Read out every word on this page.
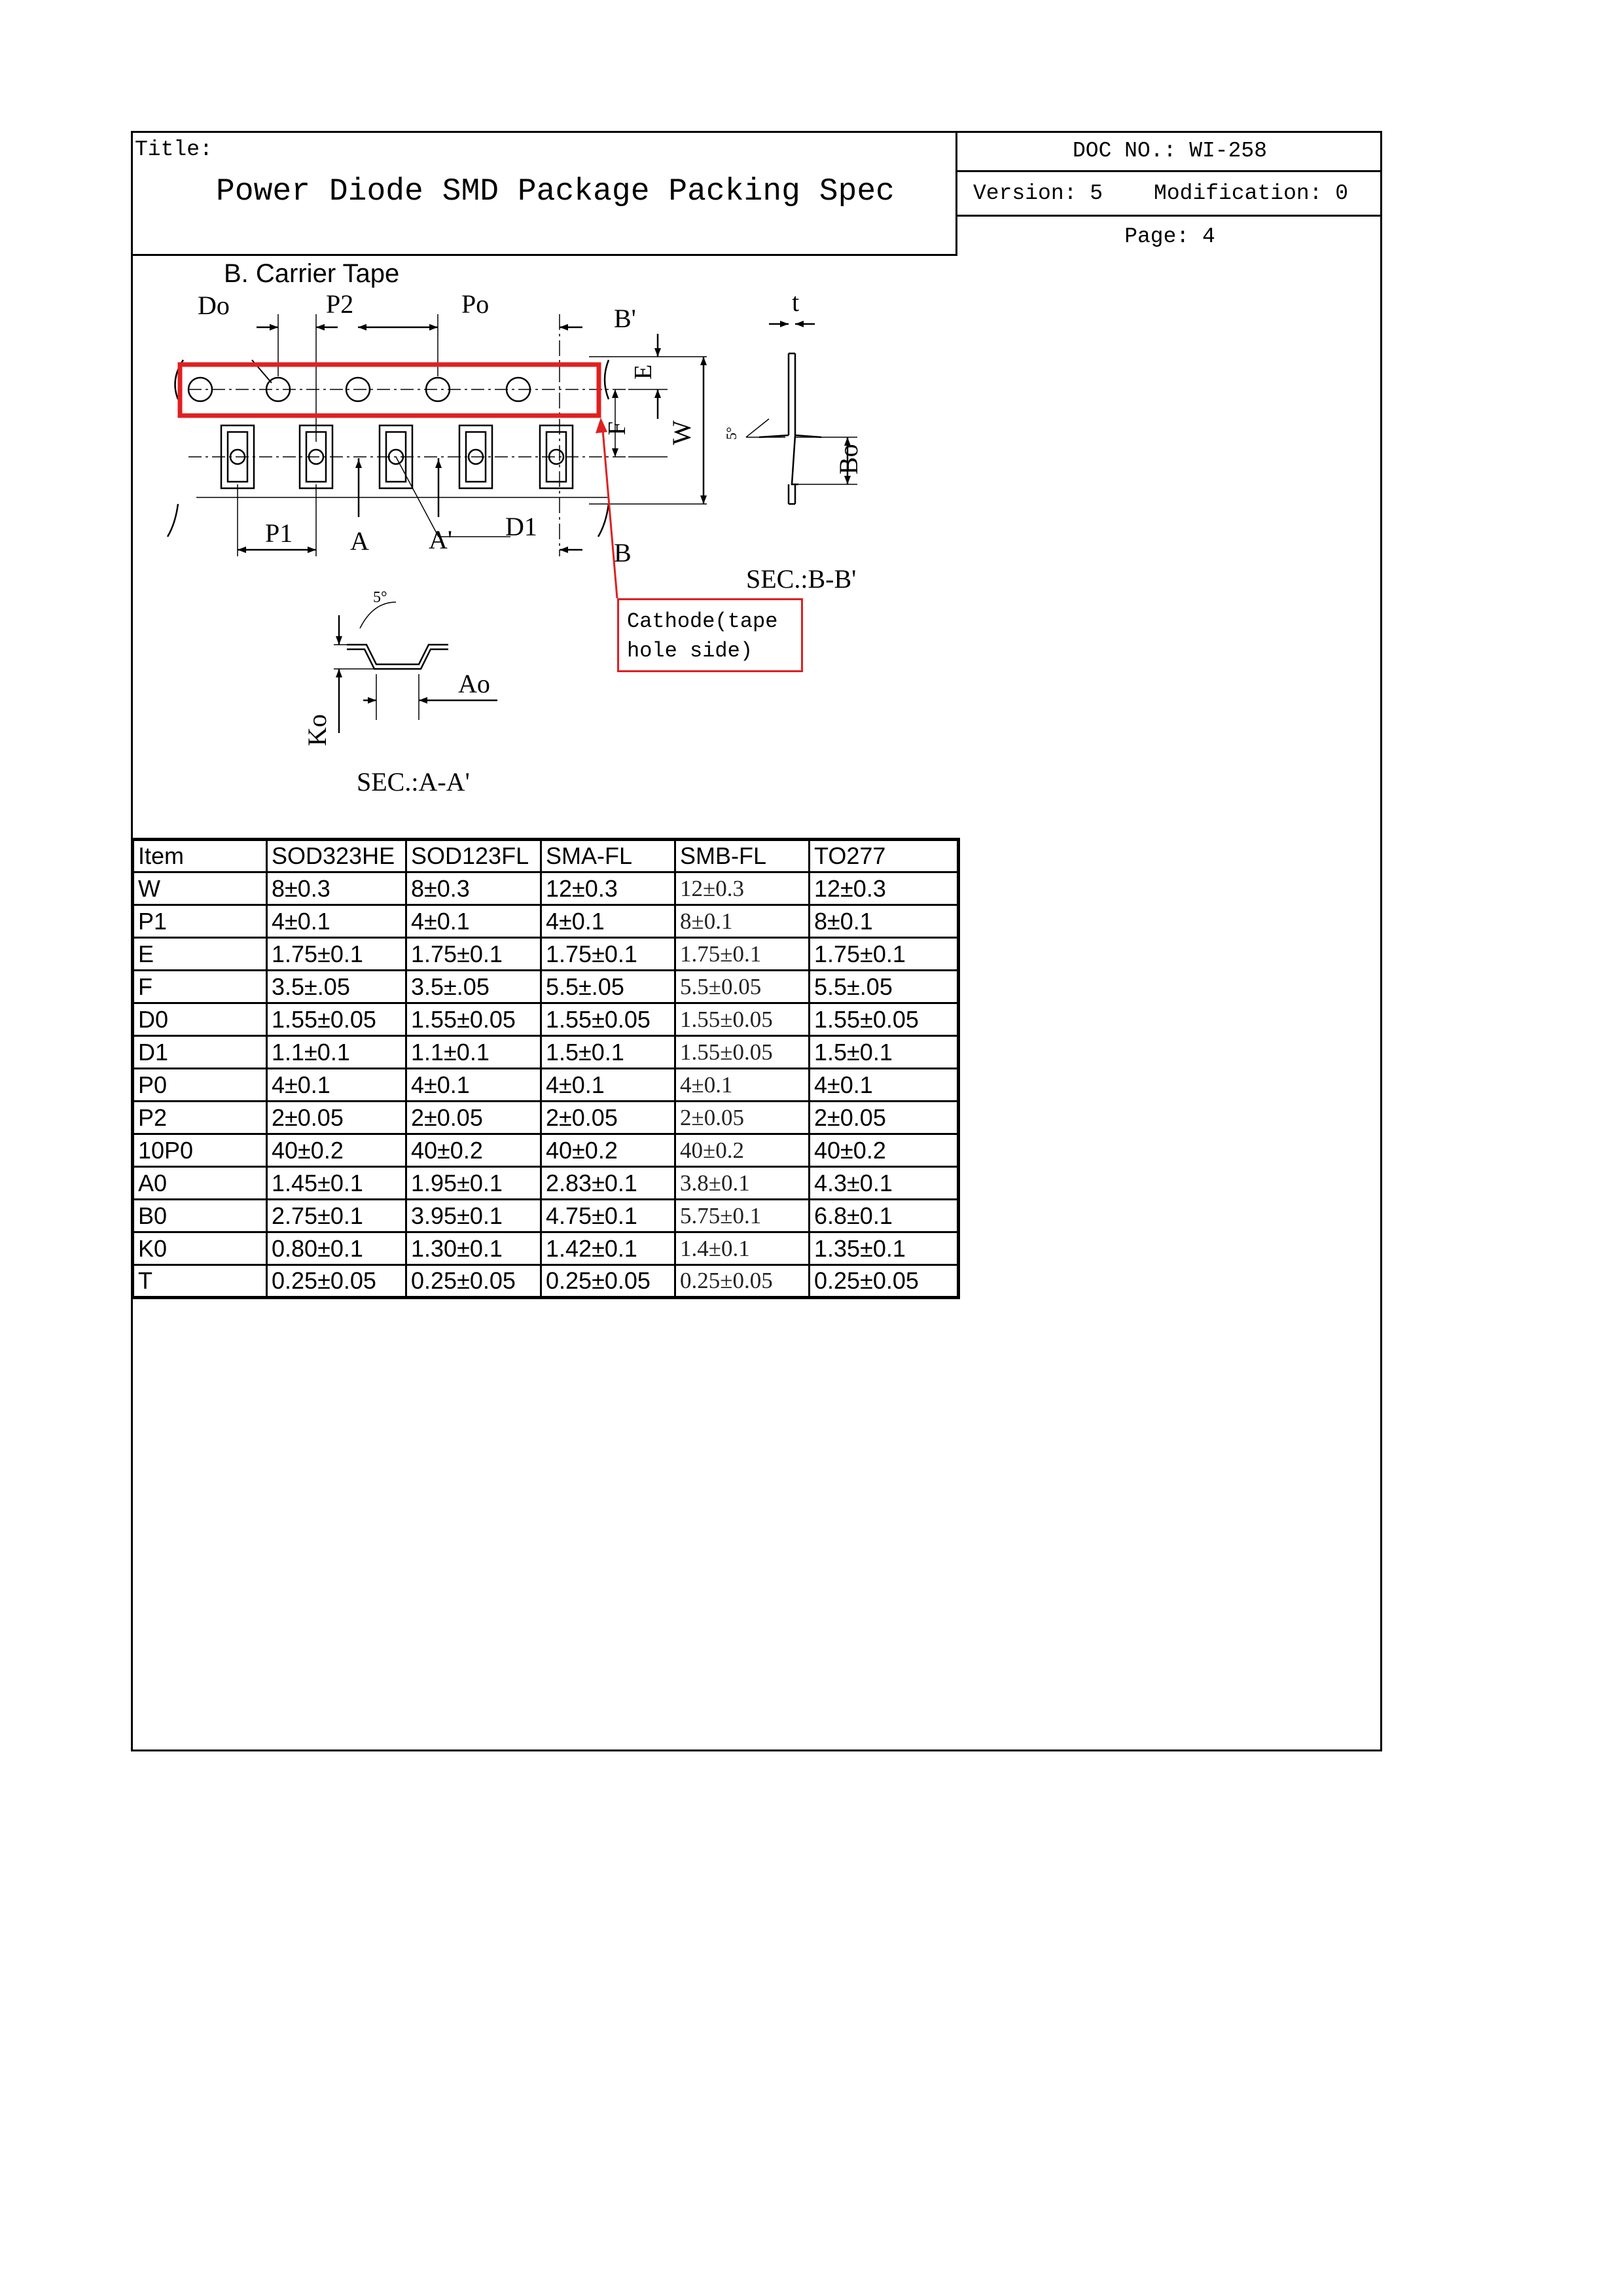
Title:
Power Diode SMD Package Packing Spec
DOC NO.: WI-258
Version: 5 Modification: 0
Page: 4
B. Carrier Tape
Do	P2	Po	B'
t
E
F W 5°
Bo
P1 A A' D1
B
SEC.:B-B'
5°
Ao
Ko
SEC.:A-A'
Cathode(tape
hole side)
Item	SOD323HE	SOD123FL	SMA-FL	SMB-FL	TO277
W	8±0.3	8±0.3	12±0.3	12±0.3	12±0.3
P1	4±0.1	4±0.1	4±0.1	8±0.1	8±0.1
E	1.75±0.1	1.75±0.1	1.75±0.1	1.75±0.1	1.75±0.1
F	3.5±.05	3.5±.05	5.5±.05	5.5±0.05	5.5±.05
D0	1.55±0.05	1.55±0.05	1.55±0.05	1.55±0.05	1.55±0.05
D1	1.1±0.1	1.1±0.1	1.5±0.1	1.55±0.05	1.5±0.1
P0	4±0.1	4±0.1	4±0.1	4±0.1	4±0.1
P2	2±0.05	2±0.05	2±0.05	2±0.05	2±0.05
10P0	40±0.2	40±0.2	40±0.2	40±0.2	40±0.2
A0	1.45±0.1	1.95±0.1	2.83±0.1	3.8±0.1	4.3±0.1
B0	2.75±0.1	3.95±0.1	4.75±0.1	5.75±0.1	6.8±0.1
K0	0.80±0.1	1.30±0.1	1.42±0.1	1.4±0.1	1.35±0.1
T	0.25±0.05	0.25±0.05	0.25±0.05	0.25±0.05	0.25±0.05
